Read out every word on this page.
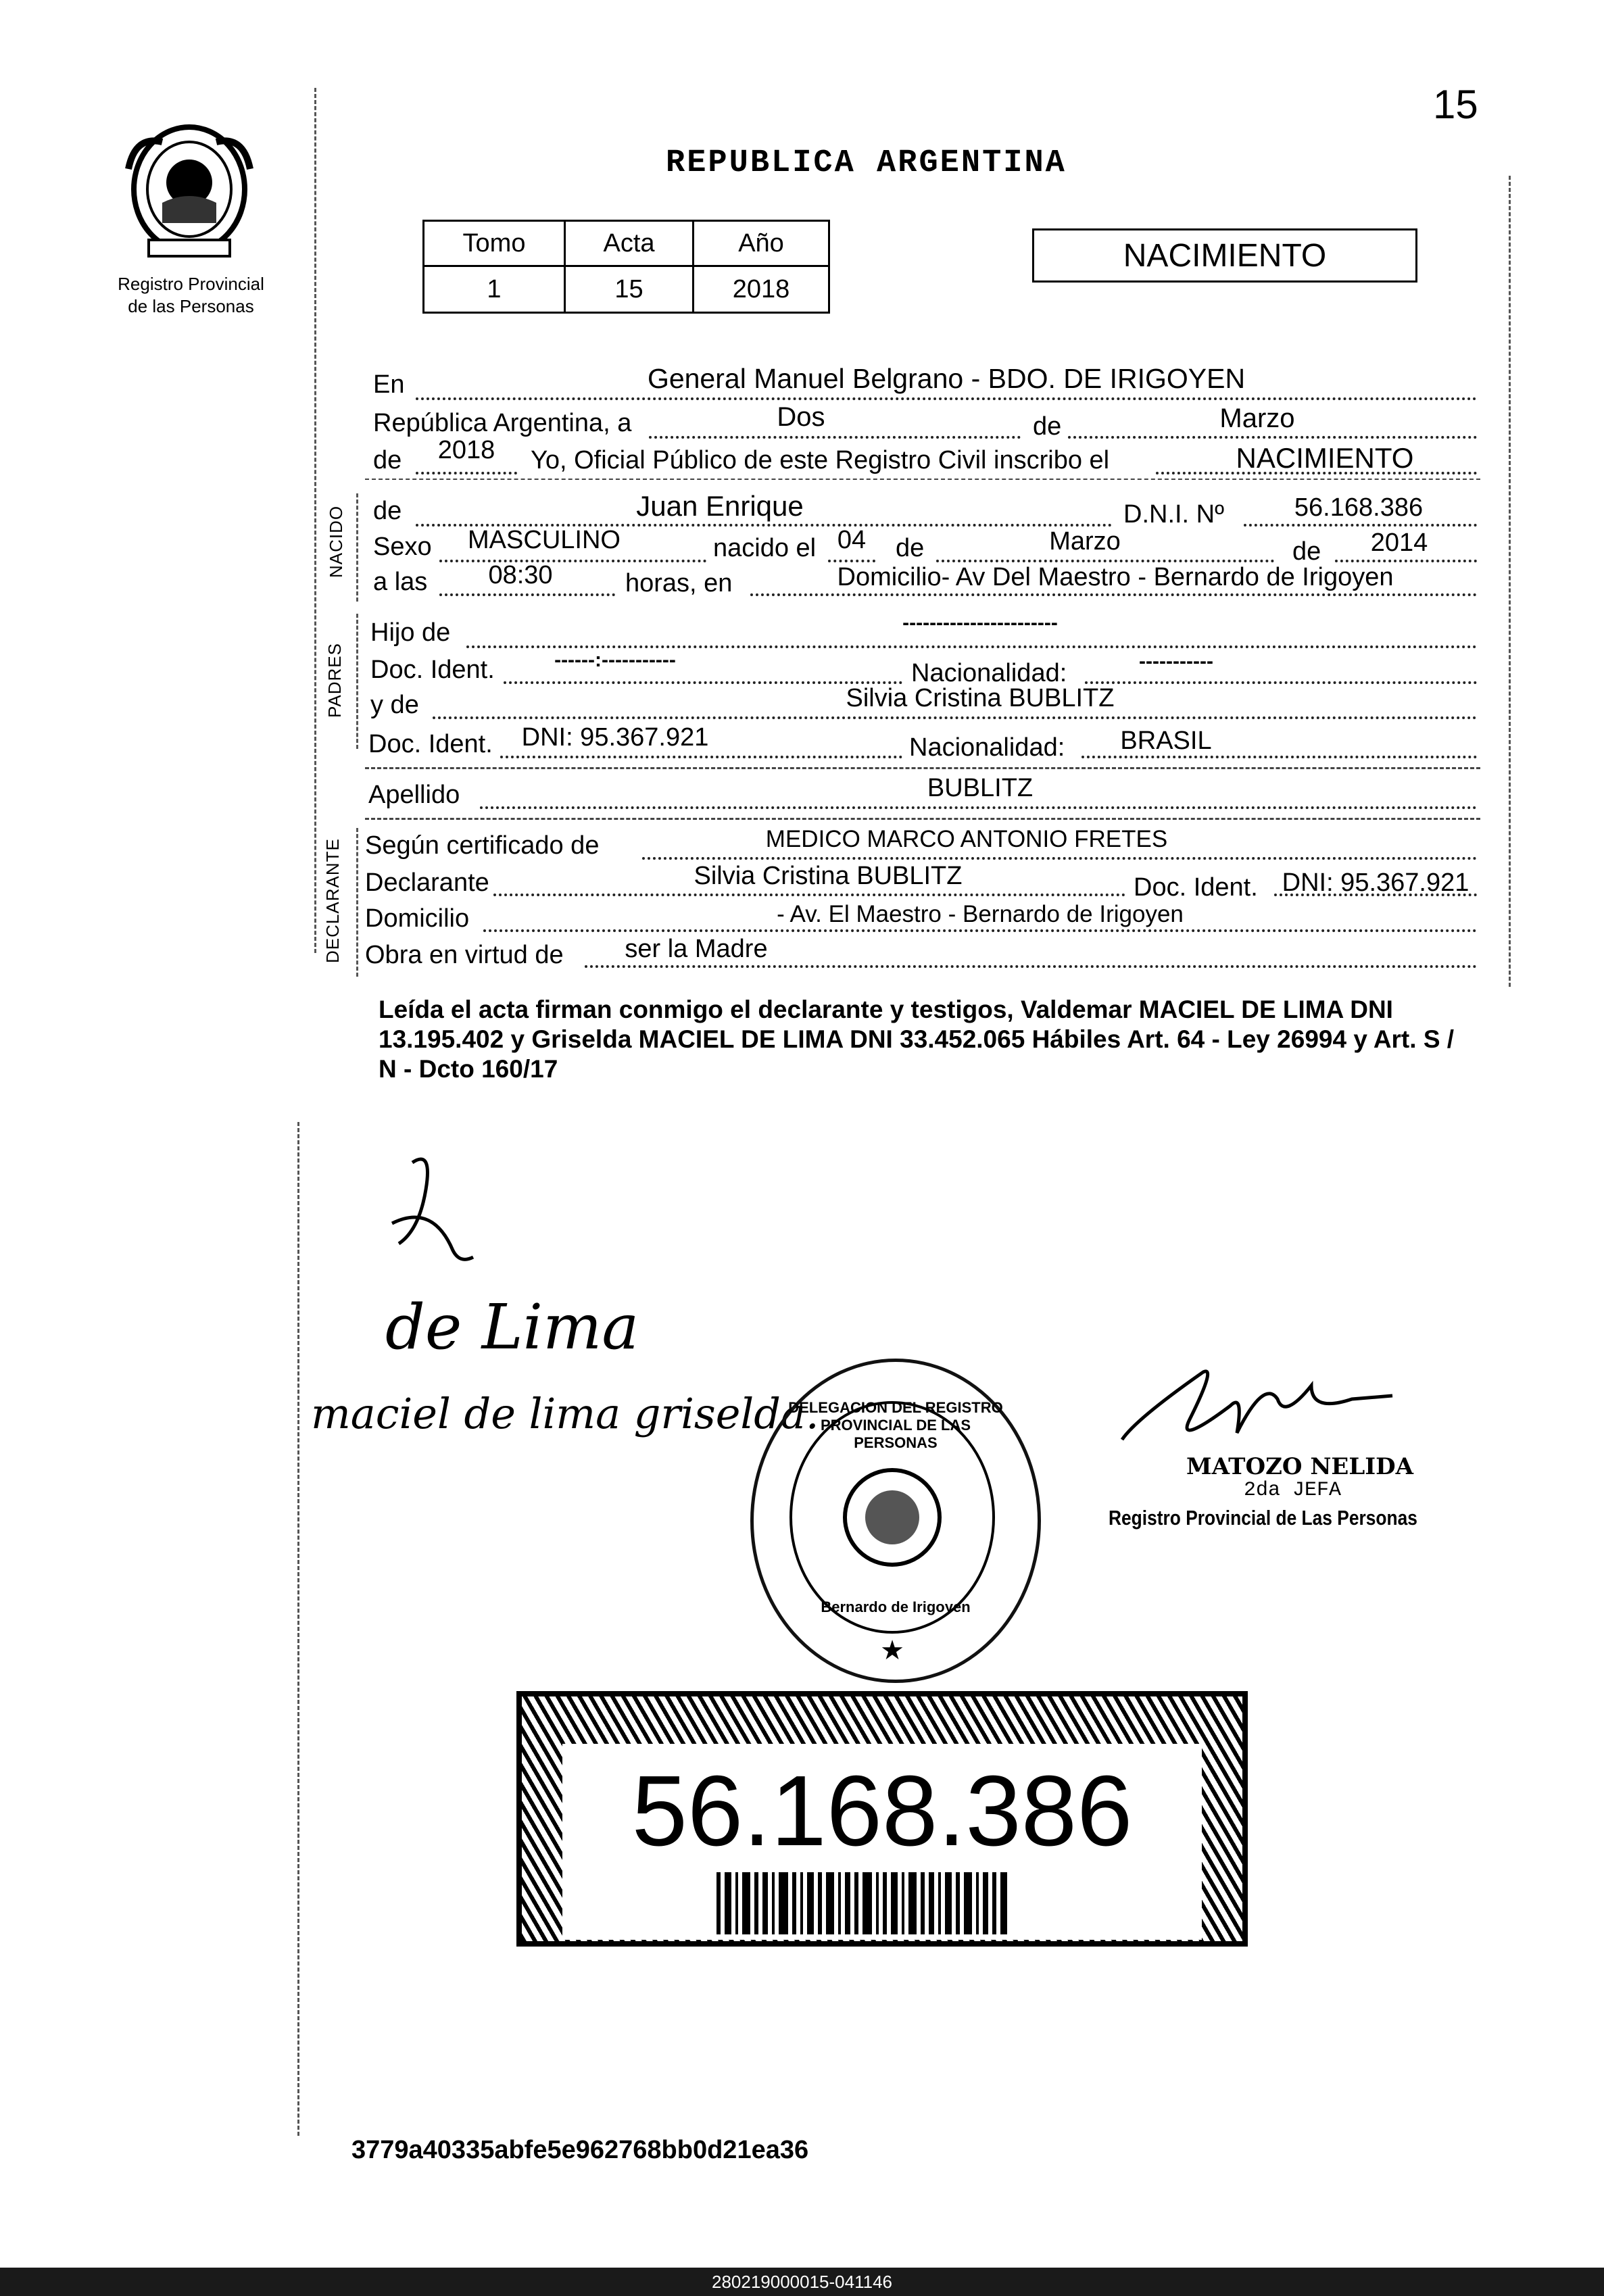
15
Registro Provincial
de las Personas
REPUBLICA ARGENTINA
Tomo	Acta	Año
1	15	2018
NACIMIENTO
En	General Manuel Belgrano - BDO. DE IRIGOYEN
República Argentina, a	Dos	de	Marzo
de	2018	Yo, Oficial Público de este Registro Civil inscribo el	NACIMIENTO
NACIDO de	Juan Enrique	D.N.I. Nº	56.168.386
Sexo	MASCULINO	nacido el 04	de	Marzo	de	2014
a las	08:30	horas, en	Domicilio- Av Del Maestro - Bernardo de Irigoyen
PADRES
Hijo de	-----------------------
Doc. Ident.	------:-----------	Nacionalidad:	-----------
y de	Silvia Cristina BUBLITZ
Doc. Ident.	DNI: 95.367.921	Nacionalidad:	BRASIL
Apellido	BUBLITZ
DECLARANTE Según certificado de	MEDICO MARCO ANTONIO FRETES
Declarante	Silvia Cristina BUBLITZ	Doc. Ident. DNI: 95.367.921
Domicilio	- Av. El Maestro - Bernardo de Irigoyen
Obra en virtud de	ser la Madre
Leída el acta firman conmigo el declarante y testigos, Valdemar MACIEL DE LIMA DNI 13.195.402 y Griselda MACIEL DE LIMA DNI 33.452.065 Hábiles Art. 64 - Ley 26994 y Art. S / N - Dcto 160/17
de Lima
maciel de lima griselda.
★
DELEGACION DEL REGISTRO PROVINCIAL DE LAS PERSONAS
Bernardo de Irigoyen
MATOZO NELIDA
2da JEFA
Registro Provincial de Las Personas
56.168.386
3779a40335abfe5e962768bb0d21ea36
280219000015-041146
